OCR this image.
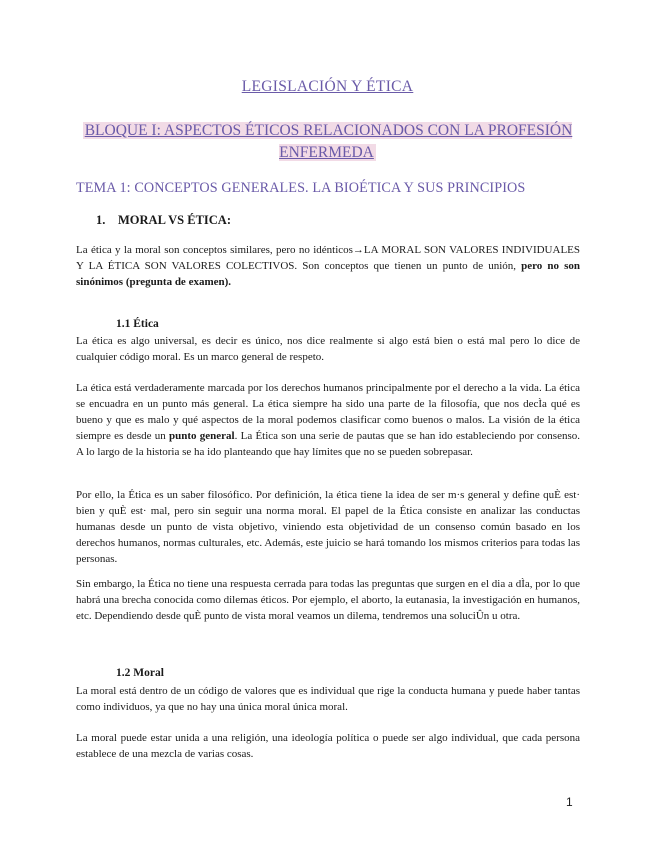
LEGISLACIÓN Y ÉTICA
BLOQUE I: ASPECTOS ÉTICOS RELACIONADOS CON LA PROFESIÓN ENFERMEDA
TEMA 1: CONCEPTOS GENERALES. LA BIOÉTICA Y SUS PRINCIPIOS
1. MORAL VS ÉTICA:
La ética y la moral son conceptos similares, pero no idénticos→LA MORAL SON VALORES INDIVIDUALES Y LA ÉTICA SON VALORES COLECTIVOS. Son conceptos que tienen un punto de unión, pero no son sinónimos (pregunta de examen).
1.1 Ética
La ética es algo universal, es decir es único, nos dice realmente si algo está bien o está mal pero lo dice de cualquier código moral. Es un marco general de respeto.
La ética está verdaderamente marcada por los derechos humanos principalmente por el derecho a la vida. La ética se encuadra en un punto más general. La ética siempre ha sido una parte de la filosofía, que nos decÌa qué es bueno y que es malo y qué aspectos de la moral podemos clasificar como buenos o malos. La visión de la ética siempre es desde un punto general. La Ética son una serie de pautas que se han ido estableciendo por consenso. A lo largo de la historia se ha ido planteando que hay límites que no se pueden sobrepasar.
Por ello, la Ética es un saber filosófico. Por definición, la ética tiene la idea de ser m·s general y define quÈ est· bien y quÈ est· mal, pero sin seguir una norma moral. El papel de la Ética consiste en analizar las conductas humanas desde un punto de vista objetivo, viniendo esta objetividad de un consenso común basado en los derechos humanos, normas culturales, etc. Además, este juicio se hará tomando los mismos criterios para todas las personas.
Sin embargo, la Ética no tiene una respuesta cerrada para todas las preguntas que surgen en el dia a dÌa, por lo que habrá una brecha conocida como dilemas éticos. Por ejemplo, el aborto, la eutanasia, la investigación en humanos, etc. Dependiendo desde quÈ punto de vista moral veamos un dilema, tendremos una soluciÛn u otra.
1.2 Moral
La moral está dentro de un código de valores que es individual que rige la conducta humana y puede haber tantas como individuos, ya que no hay una única moral única moral.
La moral puede estar unida a una religión, una ideología política o puede ser algo individual, que cada persona establece de una mezcla de varias cosas.
1
